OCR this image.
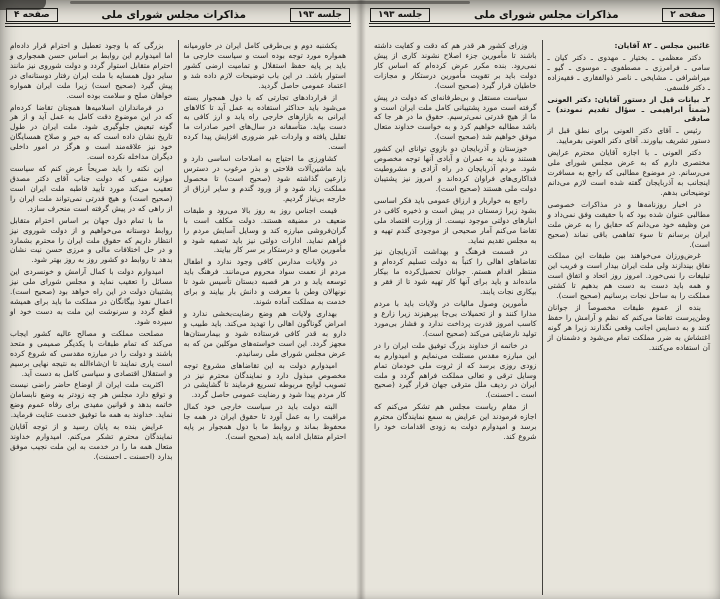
صفحه ۴	مذاکرات مجلس شورای ملی	جلسه ۱۹۳

یکشنبه دوم و بی‌طرفی کامل ایران در خاورمیانه همواره مورد توجه بوده است و سیاست خارجی ما باید بر پایه حفظ استقلال و تمامیت ارضی کشور استوار باشد. در این باب توضیحات لازم داده شد و اعتماد عمومی حاصل گردید.

از قراردادهای تجارتی که با دول همجوار بسته می‌شود باید حداکثر استفاده به عمل آید تا کالاهای ایرانی به بازارهای خارجی راه یابد و ارز کافی به دست بیاید. متأسفانه در سال‌های اخیر صادرات ما تقلیل یافته و واردات غیر ضروری افزایش پیدا کرده است.

کشاورزی ما احتیاج به اصلاحات اساسی دارد و باید ماشین‌آلات فلاحتی و بذر مرغوب در دسترس زارعین گذاشته شود (صحیح است) تا محصول مملکت زیاد شود و از ورود گندم و سایر ارزاق از خارجه بی‌نیاز گردیم.

قیمت اجناس روز به روز بالا می‌رود و طبقات ضعیف در مضیقه هستند. دولت مکلف است با گران‌فروشی مبارزه کند و وسایل آسایش مردم را فراهم نماید. ادارات دولتی نیز باید تصفیه شود و مأمورین صالح و درستکار بر سر کار بیایند.

در ولایات مدارس کافی وجود ندارد و اطفال مردم از نعمت سواد محروم می‌مانند. فرهنگ باید توسعه یابد و در هر قصبه دبستان تأسیس شود تا نونهالان وطن با معرفت و دانش بار بیایند و برای خدمت به مملکت آماده شوند.

بهداری ولایات هم وضع رضایت‌بخشی ندارد و امراض گوناگون اهالی را تهدید می‌کند. باید طبیب و دارو به قدر کافی فرستاده شود و بیمارستان‌ها مجهز گردد. این است خواسته‌های موکلین من که به عرض مجلس شورای ملی رسانیدم.

امیدوارم دولت به این تقاضاهای مشروع توجه مخصوص مبذول دارد و نمایندگان محترم نیز در تصویب لوایح مربوطه تسریع فرمایند تا گشایشی در کار مردم پیدا شود و رضایت عمومی حاصل گردد.

البته دولت باید در سیاست خارجی خود کمال مراقبت را به عمل آورد تا حقوق ایران در همه جا محفوظ بماند و روابط ما با دول همجوار بر پایه احترام متقابل ادامه یابد (صحیح است).

بزرگی که با وجود تعطیل و احترام قرار داده‌ام اما امیدوارم این روابط بر اساس حسن همجواری و احترام متقابل استوار گردد و دولت شوروی نیز مانند سایر دول همسایه با ملت ایران رفتار دوستانه‌ای در پیش گیرد (صحیح است) زیرا ملت ایران همواره خواهان صلح و سلامت بوده است.

در فرمانداران اسلامیه‌ها همچنان تقاضا کرده‌ام که در این موضوع دقت کامل به عمل آید و از هر گونه تبعیض جلوگیری شود. ملت ایران در طول تاریخ نشان داده است که به خیر و صلاح همسایگان خود نیز علاقه‌مند است و هرگز در امور داخلی دیگران مداخله نکرده است.

این نکته را باید صریحاً عرض کنم که سیاست موازنه منفی که دولت جناب آقای دکتر مصدق تعقیب می‌کند مورد تأیید قاطبه ملت ایران است (صحیح است) و هیچ قدرتی نمی‌تواند ملت ایران را از راهی که در پیش گرفته است منحرف سازد.

ما با تمام دول جهان بر اساس احترام متقابل روابط دوستانه می‌خواهیم و از دولت شوروی نیز انتظار داریم که حقوق ملت ایران را محترم بشمارد و در حل اختلافات مالی و مرزی حسن نیت نشان بدهد تا روابط دو کشور روز به روز بهتر شود.

امیدوارم دولت با کمال آرامش و خونسردی این مسائل را تعقیب نماید و مجلس شورای ملی نیز پشتیبان دولت در این راه خواهد بود (صحیح است). اعمال نفوذ بیگانگان در مملکت ما باید برای همیشه قطع گردد و سرنوشت این ملت به دست خود او سپرده شود.

مصلحت مملکت و مصالح عالیه کشور ایجاب می‌کند که تمام طبقات با یکدیگر صمیمی و متحد باشند و دولت را در مبارزه مقدسی که شروع کرده است یاری نمایند تا ان‌شاءالله به نتیجه نهایی برسیم و استقلال اقتصادی و سیاسی کامل به دست آید.

اکثریت ملت ایران از اوضاع حاضر راضی نیست و توقع دارد مجلس هر چه زودتر به وضع نابسامان خاتمه بدهد و قوانین مفیدی برای رفاه عموم وضع نماید. خداوند به همه ما توفیق خدمت عنایت فرماید.

عرایض بنده به پایان رسید و از توجه آقایان نمایندگان محترم تشکر می‌کنم. امیدوارم خداوند متعال همه ما را در خدمت به این ملت نجیب موفق بدارد (احسنت ـ احسنت).

جلسه ۱۹۳	مذاکرات مجلس شورای ملی	صفحه ۲

غائبین مجلس ـ ۸۲ آقایان:

دکتر معظمی ـ بختیار ـ مهدوی ـ دکتر کیان ـ سامی ـ فرامرزی ـ مصطفوی ـ موسوی ـ گیو ـ میراشرافی ـ مشایخی ـ ناصر ذوالفقاری ـ فقیه‌زاده ـ دکتر فلسفی.

۲ـ بیانات قبل از دستور آقایان: دکتر العونی (ضمناً ابراهیمی ـ سؤال تقدیم نمودند) ـ صادقی

رئیس ـ آقای دکتر العونی برای نطق قبل از دستور تشریف بیاورند. آقای دکتر العونی بفرمایید.

دکتر العونی ـ با اجازه آقایان محترم عرایض مختصری دارم که به عرض مجلس شورای ملی می‌رسانم. در موضوع مطالبی که راجع به مسافرت اینجانب به آذربایجان گفته شده است لازم می‌دانم توضیحاتی بدهم.

در اخبار روزنامه‌ها و در مذاکرات خصوصی مطالبی عنوان شده بود که با حقیقت وفق نمی‌داد و من وظیفه خود می‌دانم که حقایق را به عرض ملت ایران برسانم تا سوء تفاهمی باقی نماند (صحیح است).

غرض‌ورزان می‌خواهند بین طبقات این مملکت نفاق بیندازند ولی ملت ایران بیدار است و فریب این تبلیغات را نمی‌خورد. امروز روز اتحاد و اتفاق است و همه باید دست به دست هم بدهیم تا کشتی مملکت را به ساحل نجات برسانیم (صحیح است).

بنده از عموم طبقات مخصوصاً از جوانان وطن‌پرست تقاضا می‌کنم که نظم و آرامش را حفظ کنند و به دسایس اجانب وقعی نگذارند زیرا هر گونه اغتشاش به ضرر مملکت تمام می‌شود و دشمنان از آن استفاده می‌کنند.

وزرای کشور هر قدر هم که دقت و کفایت داشته باشند تا مأمورین جزء اصلاح نشوند کاری از پیش نمی‌رود. بنده مکرر عرض کرده‌ام که اساس کار دولت باید بر تقویت مأمورین درستکار و مجازات خاطیان قرار گیرد (صحیح است).

سیاست مستقل و بی‌طرفانه‌ای که دولت در پیش گرفته است مورد پشتیبانی کامل ملت ایران است و ما از هیچ قدرتی نمی‌ترسیم. حقوق ما در هر جا که باشد مطالبه خواهیم کرد و به خواست خداوند متعال موفق خواهیم شد (صحیح است).

خوزستان و آذربایجان دو بازوی توانای این کشور هستند و باید به عمران و آبادی آنها توجه مخصوص شود. مردم آذربایجان در راه آزادی و مشروطیت فداکاری‌های فراوان کرده‌اند و امروز نیز پشتیبان دولت ملی هستند (صحیح است).

راجع به خواربار و ارزاق عمومی باید فکر اساسی بشود زیرا زمستان در پیش است و ذخیره کافی در انبارهای دولتی موجود نیست. از وزارت اقتصاد ملی تقاضا می‌کنم آمار صحیحی از موجودی گندم تهیه و به مجلس تقدیم نماید.

در قسمت فرهنگ و بهداشت آذربایجان نیز تقاضاهای اهالی را کتباً به دولت تسلیم کرده‌ام و منتظر اقدام هستم. جوانان تحصیل‌کرده ما بیکار مانده‌اند و باید برای آنها کار تهیه شود تا از فقر و بیکاری نجات یابند.

مأمورین وصول مالیات در ولایات باید با مردم مدارا کنند و از تحمیلات بی‌جا بپرهیزند زیرا زارع و کاسب امروز قدرت پرداخت ندارد و فشار بی‌مورد تولید نارضایتی می‌کند (صحیح است).

در خاتمه از خداوند بزرگ توفیق ملت ایران را در این مبارزه مقدس مسئلت می‌نمایم و امیدوارم به زودی روزی برسد که از ثروت ملی خودمان تمام وسایل ترقی و تعالی مملکت فراهم گردد و ملت ایران در ردیف ملل مترقی جهان قرار گیرد (صحیح است ـ احسنت).

از مقام ریاست مجلس هم تشکر می‌کنم که اجازه فرمودند این عرایض به سمع نمایندگان محترم برسد و امیدوارم دولت به زودی اقدامات خود را شروع کند.
